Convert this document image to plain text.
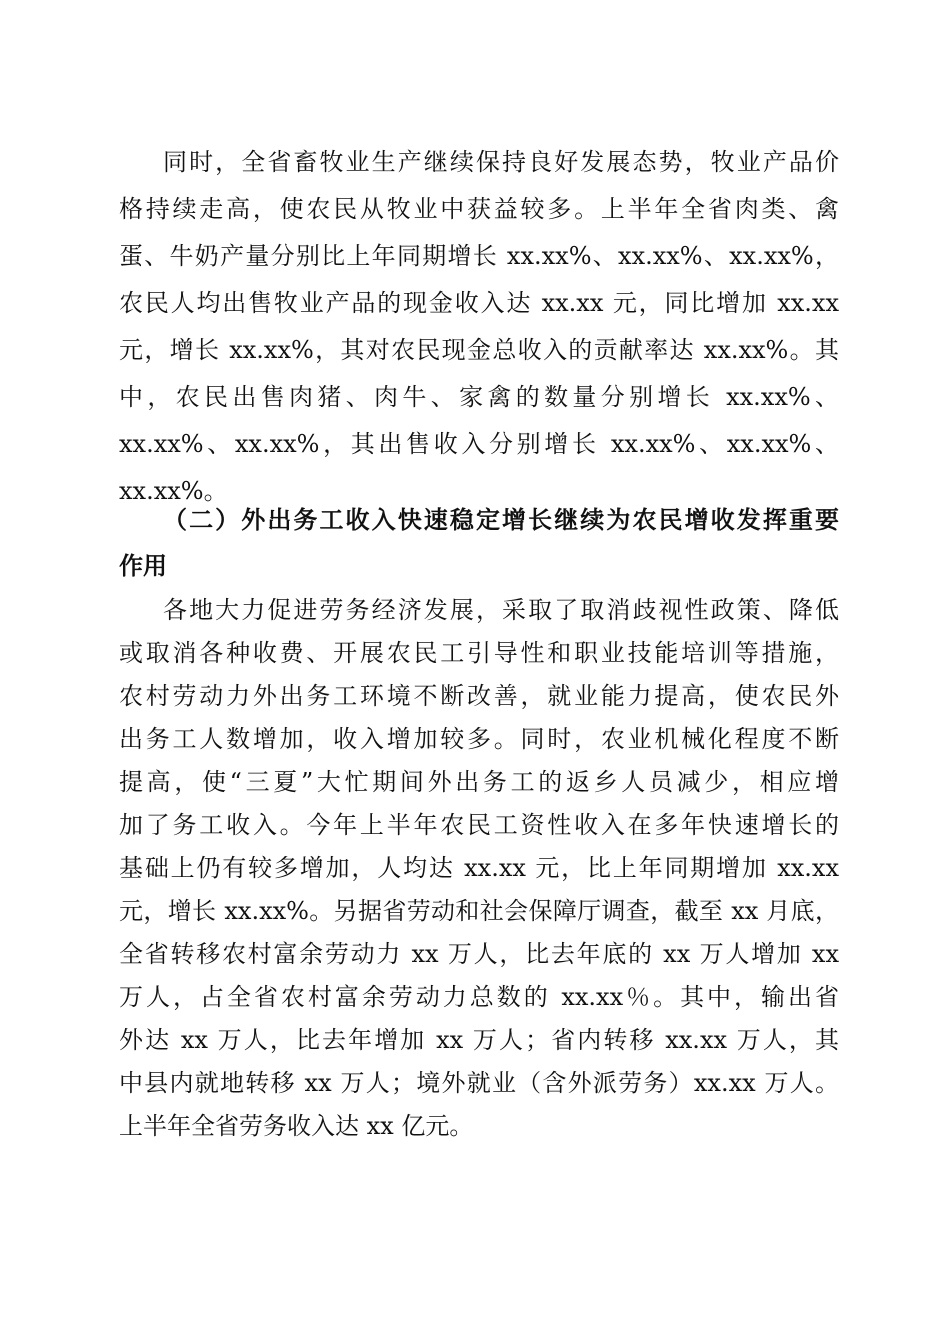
同时，全省畜牧业生产继续保持良好发展态势，牧业产品价
格持续走高，使农民从牧业中获益较多。上半年全省肉类、禽
蛋、牛奶产量分别比上年同期增长 xx.xx%、xx.xx%、xx.xx%，
农民人均出售牧业产品的现金收入达 xx.xx 元，同比增加 xx.xx
元，增长 xx.xx%，其对农民现金总收入的贡献率达 xx.xx%。其
中，农民出售肉猪、肉牛、家禽的数量分别增长 xx.xx%、
xx.xx%、xx.xx%，其出售收入分别增长 xx.xx%、xx.xx%、
xx.xx%。
（二）外出务工收入快速稳定增长继续为农民增收发挥重要
作用
各地大力促进劳务经济发展，采取了取消歧视性政策、降低
或取消各种收费、开展农民工引导性和职业技能培训等措施，
农村劳动力外出务工环境不断改善，就业能力提高，使农民外
出务工人数增加，收入增加较多。同时，农业机械化程度不断
提高，使“三夏”大忙期间外出务工的返乡人员减少，相应增
加了务工收入。今年上半年农民工资性收入在多年快速增长的
基础上仍有较多增加，人均达 xx.xx 元，比上年同期增加 xx.xx
元，增长 xx.xx%。另据省劳动和社会保障厅调查，截至 xx 月底，
全省转移农村富余劳动力 xx 万人，比去年底的 xx 万人增加 xx
万人，占全省农村富余劳动力总数的 xx.xx％。其中，输出省
外达 xx 万人，比去年增加 xx 万人；省内转移 xx.xx 万人，其
中县内就地转移 xx 万人；境外就业（含外派劳务）xx.xx 万人。
上半年全省劳务收入达 xx 亿元。
